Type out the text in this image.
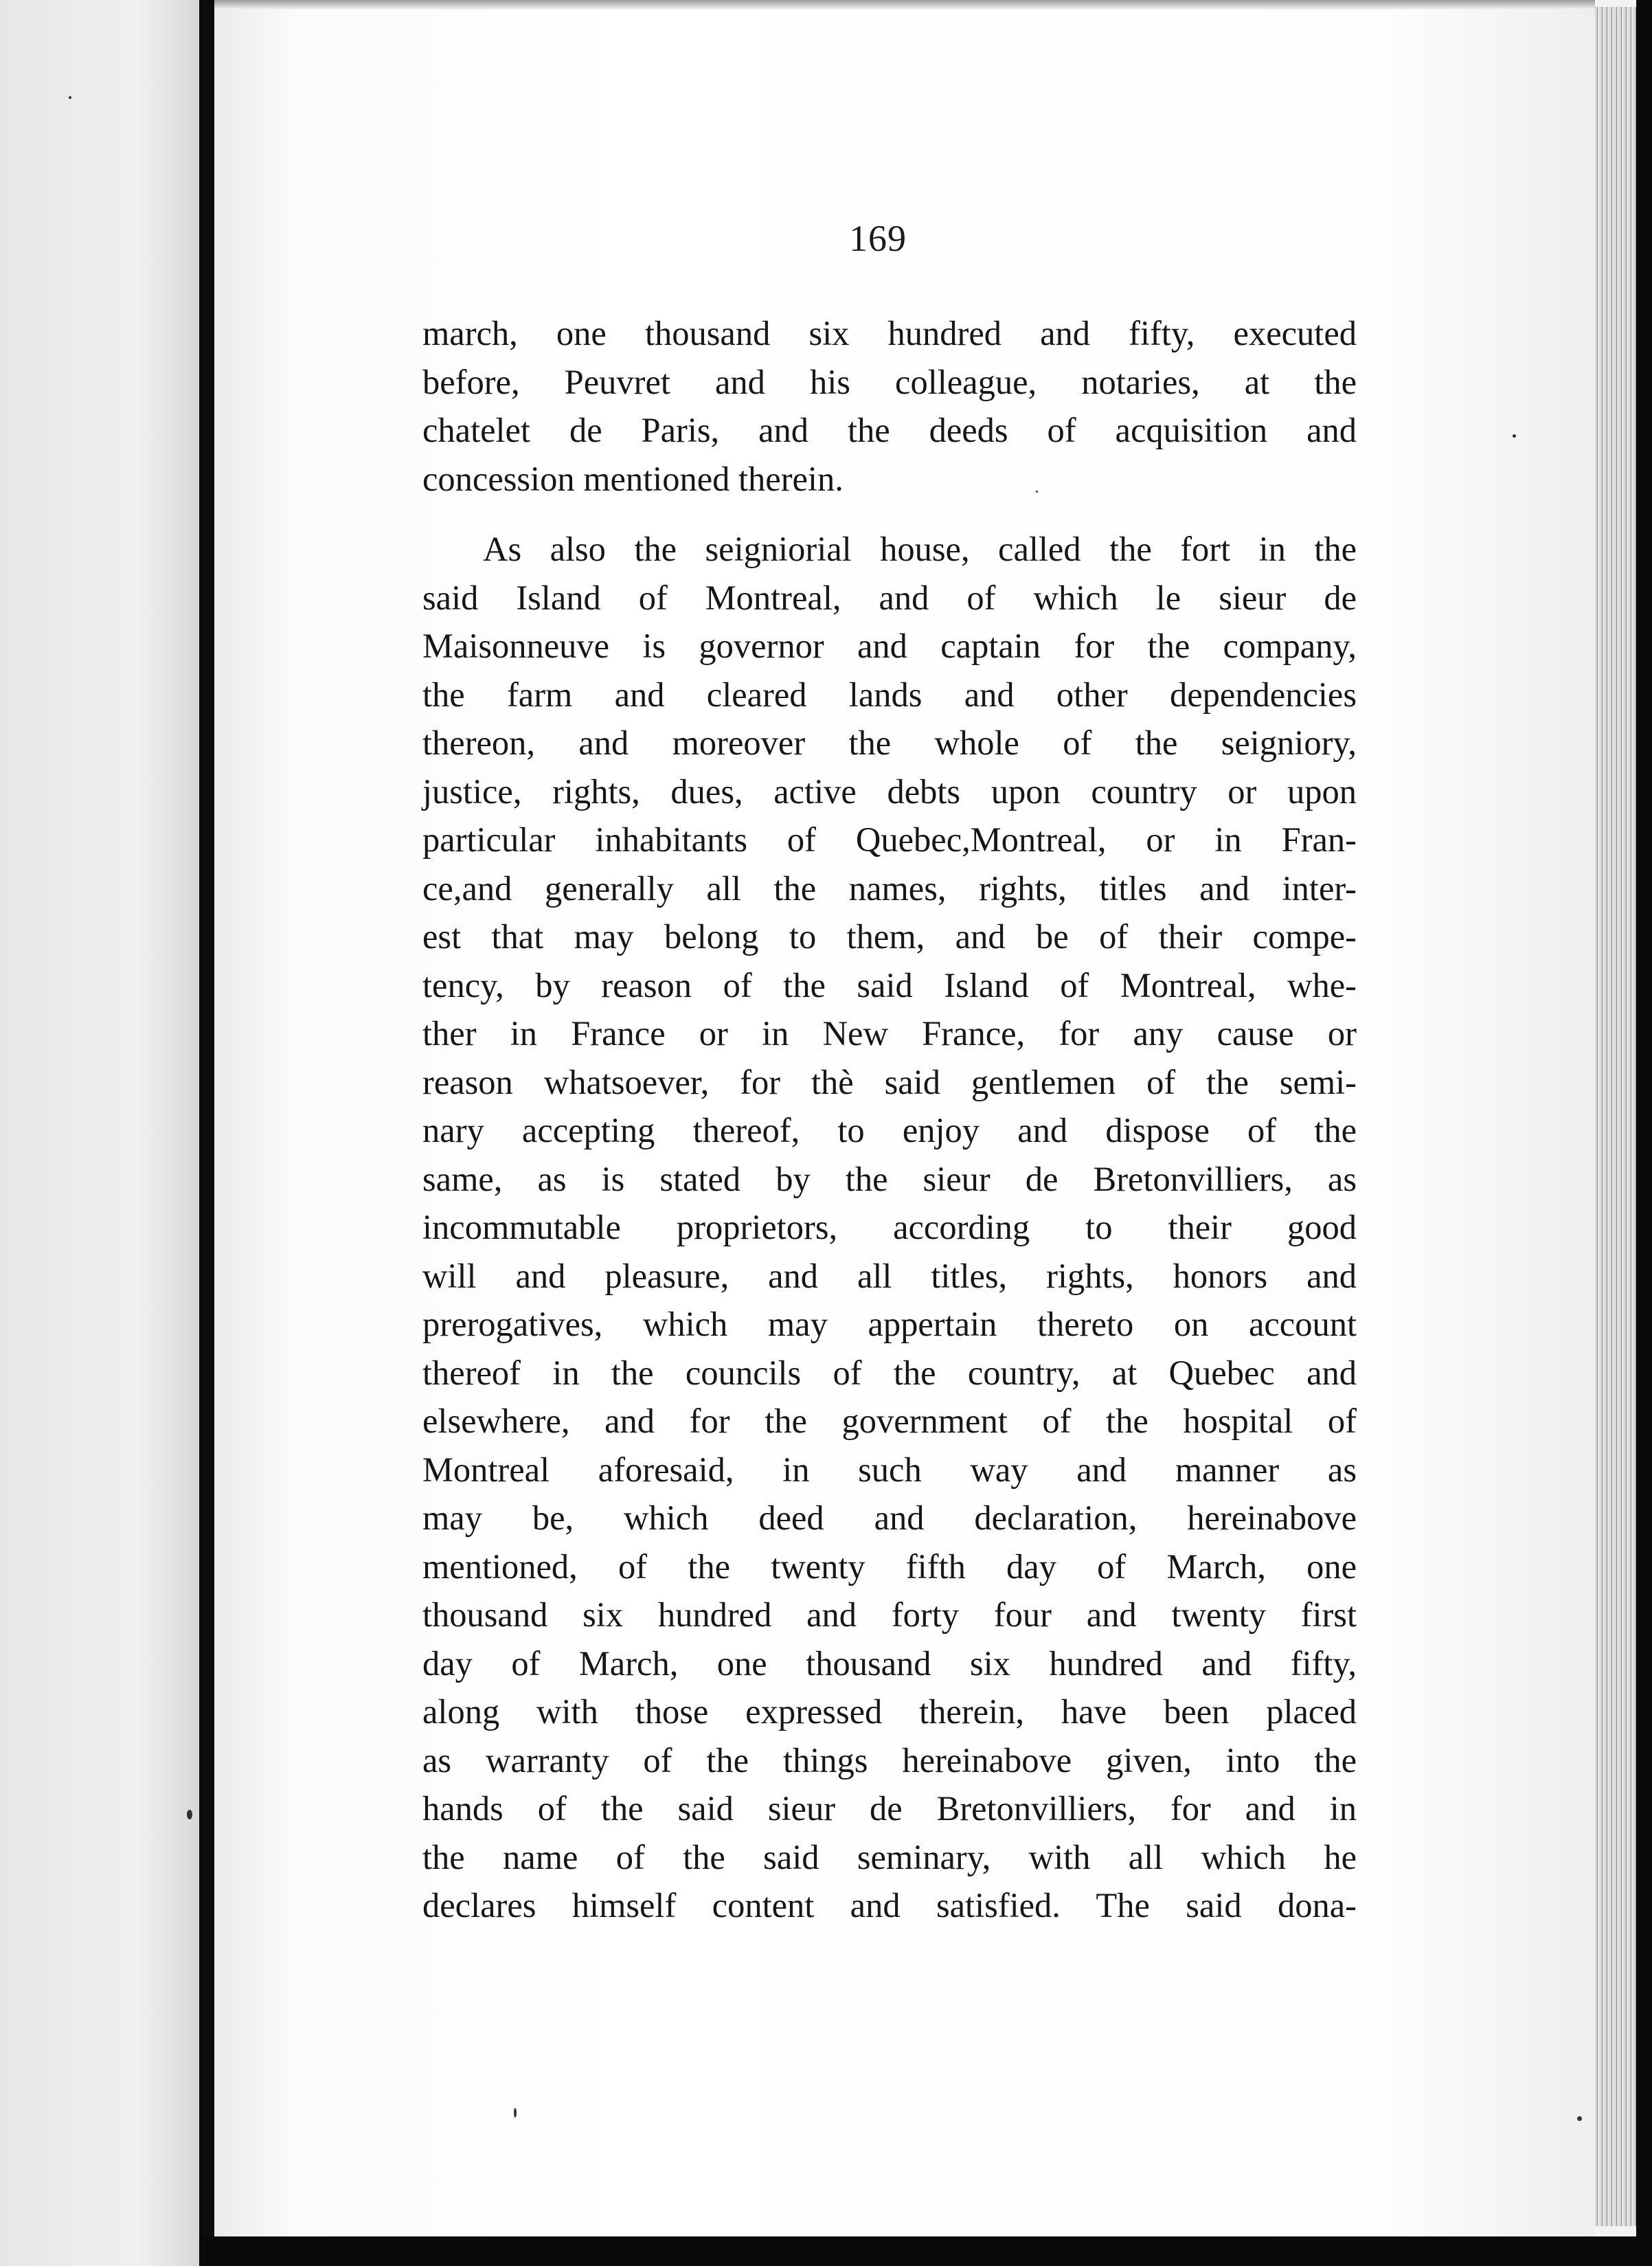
169

march, one thousand six hundred and fifty, executed
before, Peuvret and his colleague, notaries, at the
chatelet de Paris, and the deeds of acquisition and
concession mentioned therein.

As also the seigniorial house, called the fort in the
said Island of Montreal, and of which le sieur de
Maisonneuve is governor and captain for the company,
the farm and cleared lands and other dependencies
thereon, and moreover the whole of the seigniory,
justice, rights, dues, active debts upon country or upon
particular inhabitants of Quebec,Montreal, or in Fran-
ce,and generally all the names, rights, titles and inter-
est that may belong to them, and be of their compe-
tency, by reason of the said Island of Montreal, whe-
ther in France or in New France, for any cause or
reason whatsoever, for thè said gentlemen of the semi-
nary accepting thereof, to enjoy and dispose of the
same, as is stated by the sieur de Bretonvilliers, as
incommutable proprietors, according to their good
will and pleasure, and all titles, rights, honors and
prerogatives, which may appertain thereto on account
thereof in the councils of the country, at Quebec and
elsewhere, and for the government of the hospital of
Montreal aforesaid, in such way and manner as
may be, which deed and declaration, hereinabove
mentioned, of the twenty fifth day of March, one
thousand six hundred and forty four and twenty first
day of March, one thousand six hundred and fifty,
along with those expressed therein, have been placed
as warranty of the things hereinabove given, into the
hands of the said sieur de Bretonvilliers, for and in
the name of the said seminary, with all which he
declares himself content and satisfied. The said dona-
